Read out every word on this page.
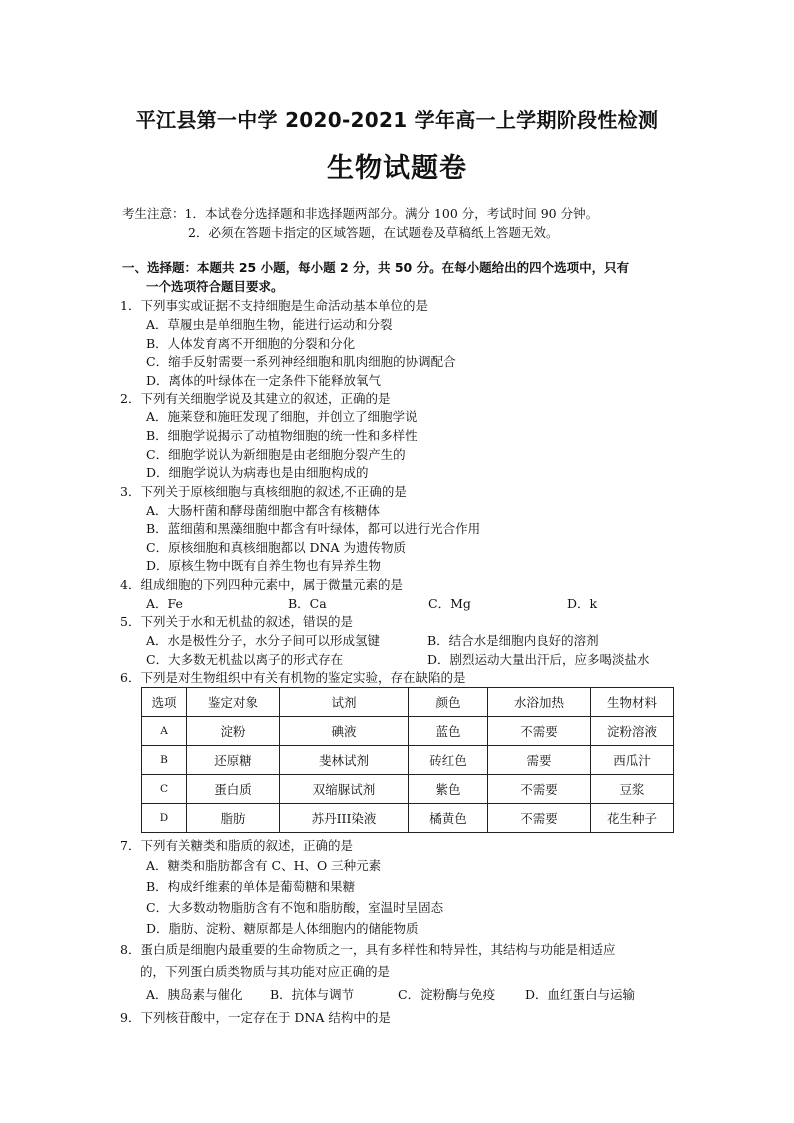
平江县第一中学 2020-2021 学年高一上学期阶段性检测
生物试题卷
考生注意：1．本试卷分选择题和非选择题两部分。满分 100 分，考试时间 90 分钟。
2．必须在答题卡指定的区域答题，在试题卷及草稿纸上答题无效。
一、选择题：本题共 25 小题，每小题 2 分，共 50 分。在每小题给出的四个选项中，只有
一个选项符合题目要求。
1．下列事实或证据不支持细胞是生命活动基本单位的是
A．草履虫是单细胞生物，能进行运动和分裂
B．人体发育离不开细胞的分裂和分化
C．缩手反射需要一系列神经细胞和肌肉细胞的协调配合
D．离体的叶绿体在一定条件下能释放氧气
2．下列有关细胞学说及其建立的叙述，正确的是
A．施莱登和施旺发现了细胞，并创立了细胞学说
B．细胞学说揭示了动植物细胞的统一性和多样性
C．细胞学说认为新细胞是由老细胞分裂产生的
D．细胞学说认为病毒也是由细胞构成的
3．下列关于原核细胞与真核细胞的叙述,不正确的是
A．大肠杆菌和酵母菌细胞中都含有核糖体
B．蓝细菌和黑藻细胞中都含有叶绿体，都可以进行光合作用
C．原核细胞和真核细胞都以 DNA 为遗传物质
D．原核生物中既有自养生物也有异养生物
4．组成细胞的下列四种元素中，属于微量元素的是
A．Fe	B．Ca	C．Mg	D．k
5．下列关于水和无机盐的叙述，错误的是
A．水是极性分子，水分子间可以形成氢键	B．结合水是细胞内良好的溶剂
C．大多数无机盐以离子的形式存在	D．剧烈运动大量出汗后，应多喝淡盐水
6．下列是对生物组织中有关有机物的鉴定实验，存在缺陷的是
选项	鉴定对象	试剂	颜色	水浴加热	生物材料
A	淀粉	碘液	蓝色	不需要	淀粉溶液
B	还原糖	斐林试剂	砖红色	需要	西瓜汁
C	蛋白质	双缩脲试剂	紫色	不需要	豆浆
D	脂肪	苏丹III染液	橘黄色	不需要	花生种子
7．下列有关糖类和脂质的叙述，正确的是
A．糖类和脂肪都含有 C、H、O 三种元素
B．构成纤维素的单体是葡萄糖和果糖
C．大多数动物脂肪含有不饱和脂肪酸，室温时呈固态
D．脂肪、淀粉、糖原都是人体细胞内的储能物质
8．蛋白质是细胞内最重要的生命物质之一，具有多样性和特异性，其结构与功能是相适应
的，下列蛋白质类物质与其功能对应正确的是
A．胰岛素与催化 B．抗体与调节	C．淀粉酶与免疫 D．血红蛋白与运输
9．下列核苷酸中，一定存在于 DNA 结构中的是
